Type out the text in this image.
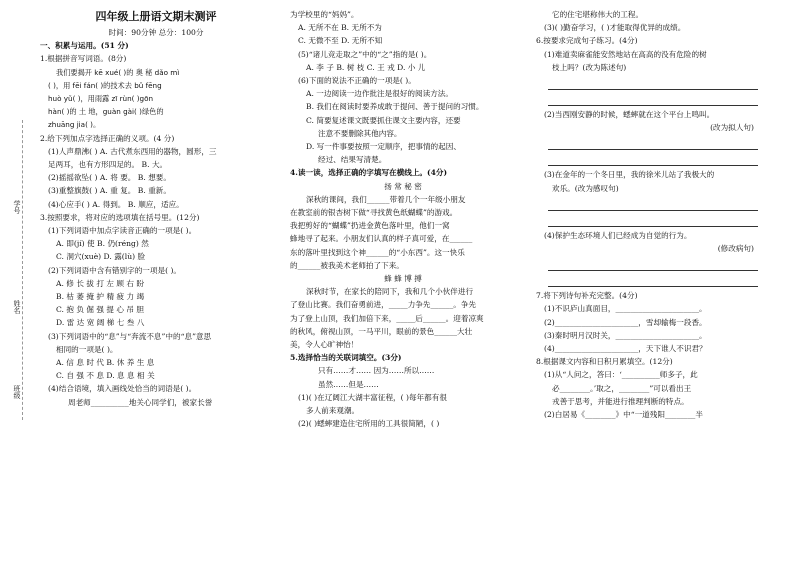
学号
姓名
班级
四年级上册语文期末测评
时间：90分钟 总分：100分
一、积累与运用。(51 分)
1.根据拼音写词语。(8分)
我们要揭开 kē xué( )的 奥 秘 dǎo mì
( )，用 fēi fán( )的技术去 bǔ fēng
huò yǔ( )，用雨露 zī rùn( )gōn
hàn( )的 土 地，guàn gài( )绿色的
zhuāng jia( )。
2.给下列加点字选择正确的义项。(4 分)
(1)人声鼎沸( ) A. 古代煮东西用的器物，圆形，三
足两耳，也有方形四足的。 B. 大。
(2)摇摇欲坠( ) A. 将 要。 B. 想要。
(3)重整旗鼓( ) A. 重 复。 B. 重新。
(4)心应手( ) A. 得到。 B. 顺应，适应。
3.按照要求，将对应的选项填在括号里。(12分)
(1)下列词语中加点字读音正确的一项是( )。
A. 即(jí) 使 B. 仍(réng) 然
C. 洞穴(xuè) D. 露(lù) 脸
(2)下列词语中含有错别字的一项是( )。
A. 修 长 拔 打 左 顾 右 盼
B. 枯 萎 掩 护 精 疲 力 竭
C. 抱 负 倔 强 提 心 吊 胆
D. 雷 达 宽 阔 梯 七 叁 八
(3)下列词语中的“息”与“奔流不息”中的“息”意思
相同的一项是( )。
A. 信 息 时 代 B. 休 养 生 息
C. 自 强 不 息 D. 息 息 相 关
(4)结合语境，填入画线处恰当的词语是( )。
周老师__________地关心同学们，被家长誉
为学校里的“妈妈”。
A. 无所不在 B. 无所不为
C. 无微不至 D. 无所不知
(5)“诸儿竞走取之”中的“之”指的是( )。
A. 李 子 B. 树 枝 C. 王 戎 D. 小 儿
(6)下面的说法不正确的一项是( )。
A. 一边阅读一边作批注是很好的阅读方法。
B. 我们在阅读时要养成敢于提问、善于提问的习惯。
C. 简要复述课文既要抓住课文主要内容，还要
注意不要删除其他内容。
D. 写一件事要按照一定顺序，把事情的起因、
经过、结果写清楚。
4.读一读，选择正确的字填写在横线上。(4分)
扬 常 秘 密
深秋的课间，我们______带着几个一年级小朋友
在教室前的银杏树下做“寻找黄色纸蝴蝶”的游戏。
我把剪好的“蝴蝶”扔进金黄色落叶里，他们一窝
蜂地寻了起来。小朋友们认真的样子真可爱，在______
东的落叶里找到这个神______的“小东西”。这一快乐
的______被我美术老师拍了下来。
蜂 蜂 博 搏
深秋时节，在家长的陪同下，我和几个小伙伴进行
了登山比赛。我们奋勇前进，_____力争先______。争先
为了登上山顶，我们加倍下来，_____后______。迎着凉爽
的秋风，俯视山顶，一马平川，眼前的景色______大壮
美，令人心旷神怡！
5.选择恰当的关联词填空。(3分)
只有……才…… 因为……所以……
虽然……但是……
(1)( )在辽阔江大湖丰富征程，( )每年都有很
多人前来观潮。
(2)( )蟋蟀建造住宅所用的工具很简陋，( )
它的住宅堪称伟大的工程。
(3)( )勤奋学习，( )才能取得优异的成绩。
6.按要求完成句子练习。(4分)
(1)难道卖麻雀能安然地站在高高的没有危险的树
枝上吗？(改为陈述句)
(2)当西刚安静的时候，蟋蟀就在这个平台上鸣叫。
(改为拟人句)
(3)在金年的一个冬日里，我的徐米儿站了我极大的
欢乐。(改为感叹句)
(4)保护生态环境人们已经成为自觉的行为。
(修改病句)
7.将下列诗句补充完整。(4分)
(1)不识庐山真面目，______________________。
(2)______________________，雪却输梅一段香。
(3)秦时明月汉时关，______________________。
(4)______________________，天下谁人不识君？
8.根据课文内容和日积月累填空。(12分)
(1)从“人问之，答曰：‘__________师多子，此
必________。’取之，________”可以看出王
戎善于思考，并能进行推理判断的特点。
(2)白居易《________》中“一道残阳________半
